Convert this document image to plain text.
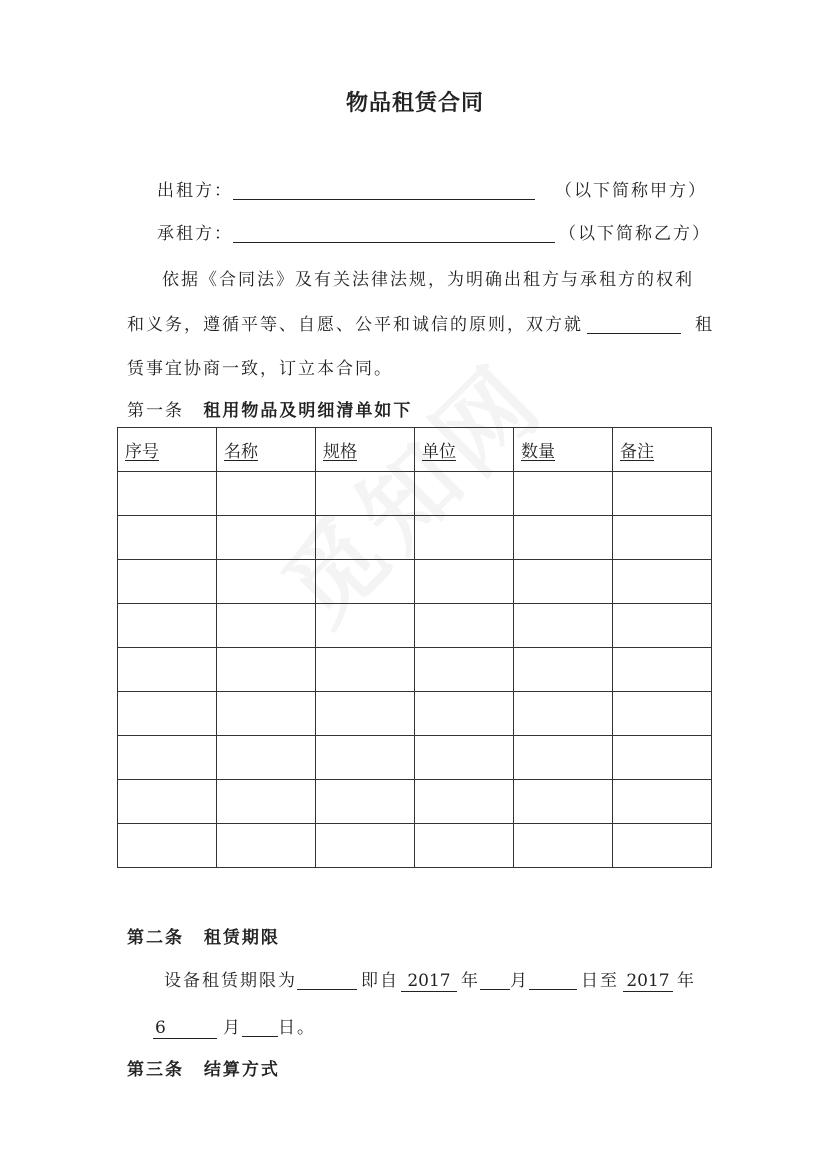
物品租赁合同
出租方：	（以下简称甲方）
承租方：	（以下简称乙方）
依据《合同法》及有关法律法规，为明确出租方与承租方的权利
和义务，遵循平等、自愿、公平和诚信的原则，双方就	租
赁事宜协商一致，订立本合同。
第一条 租用物品及明细清单如下
序号	名称	规格	单位	数量	备注

第二条 租赁期限
设备租赁期限为	即自 2017 年 月	日至 2017 年
6	月 日。
第三条 结算方式
